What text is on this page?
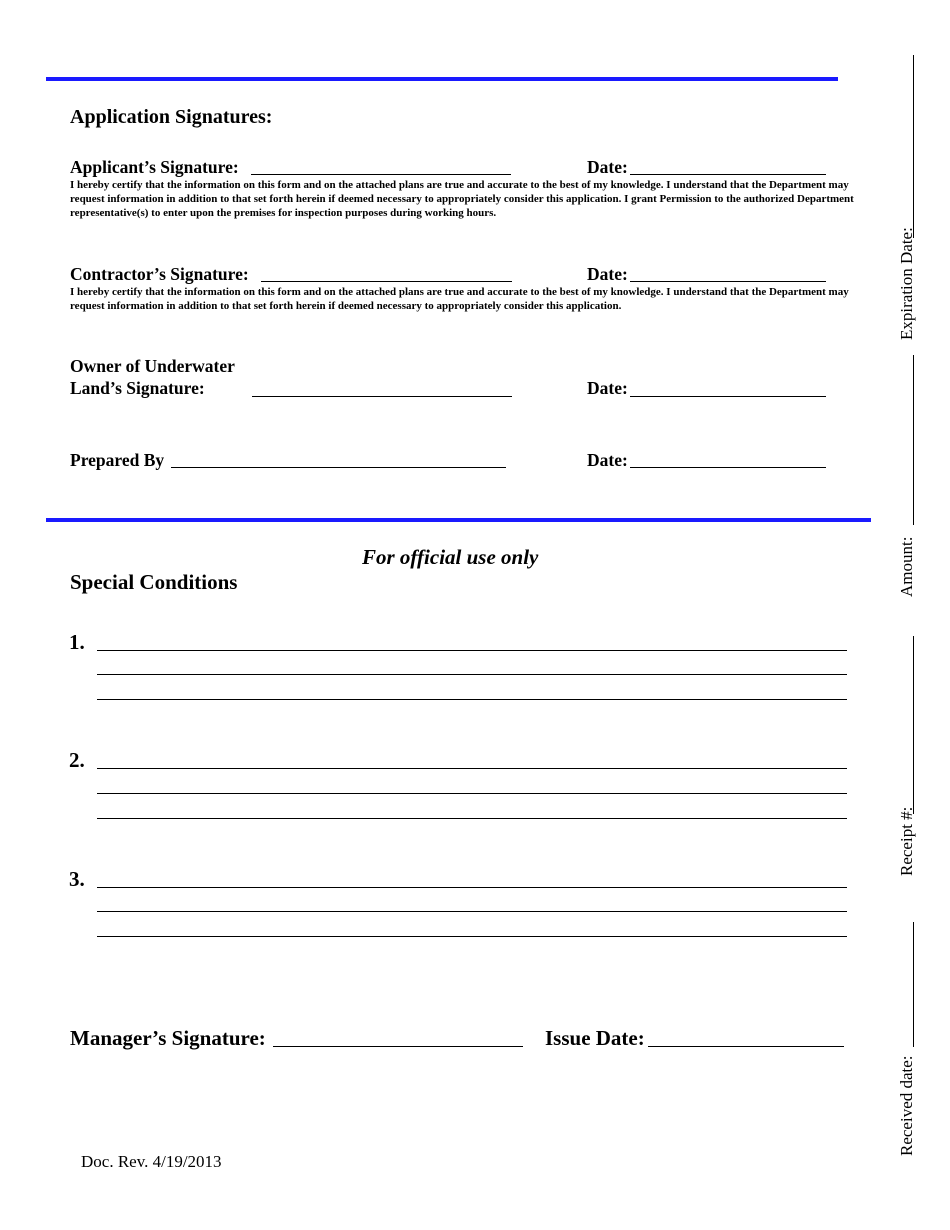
Application Signatures:
Applicant’s Signature:	Date:
I hereby certify that the information on this form and on the attached plans are true and accurate to the best of my knowledge. I understand that the Department may request information in addition to that set forth herein if deemed necessary to appropriately consider this application. I grant Permission to the authorized Department representative(s) to enter upon the premises for inspection purposes during working hours.
Contractor’s Signature:	Date:
I hereby certify that the information on this form and on the attached plans are true and accurate to the best of my knowledge. I understand that the Department may request information in addition to that set forth herein if deemed necessary to appropriately consider this application.
Owner of Underwater
Land’s Signature:	Date:
Prepared By	Date:
For official use only
Special Conditions
1.
2.
3.
Manager’s Signature:	Issue Date:
Doc. Rev. 4/19/2013
Expiration Date:
Amount:
Receipt #:
Received date:
